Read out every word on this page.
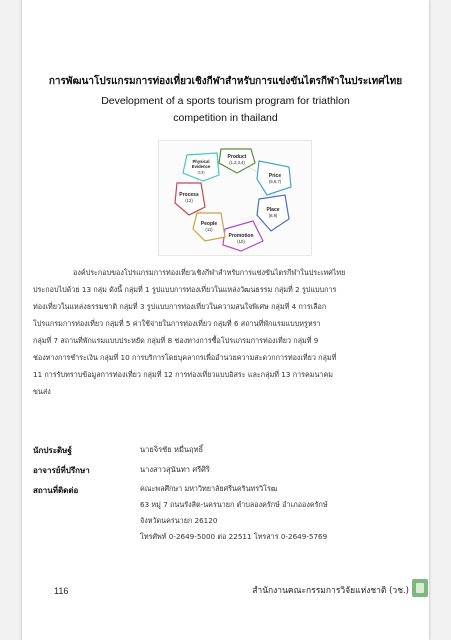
การพัฒนาโปรแกรมการท่องเที่ยวเชิงกีฬาสำหรับการแข่งขันไตรกีฬาในประเทศไทย
Development of a sports tourism program for triathlon
competition in thailand
Product
(1,2,3,4)
Price
(5,6,7)
Place
(8,9)
Promotion
(10)
People
(11)
Process
(12)
Physical
Evidence
(13)
องค์ประกอบของโปรแกรมการท่องเที่ยวเชิงกีฬาสำหรับการแข่งขันไตรกีฬาในประเทศไทย
ประกอบไปด้วย 13 กลุ่ม ดังนี้ กลุ่มที่ 1 รูปแบบการท่องเที่ยวในแหล่งวัฒนธรรม กลุ่มที่ 2 รูปแบบการ
ท่องเที่ยวในแหล่งธรรมชาติ กลุ่มที่ 3 รูปแบบการท่องเที่ยวในความสนใจพิเศษ กลุ่มที่ 4 การเลือก
โปรแกรมการท่องเที่ยว กลุ่มที่ 5 ค่าใช้จ่ายในการท่องเที่ยว กลุ่มที่ 6 สถานที่พักแรมแบบหรูหรา
กลุ่มที่ 7 สถานที่พักแรมแบบประหยัด กลุ่มที่ 8 ช่องทางการซื้อโปรแกรมการท่องเที่ยว กลุ่มที่ 9
ช่องทางการชำระเงิน กลุ่มที่ 10 การบริการโดยบุคลากรเพื่ออำนวยความสะดวกการท่องเที่ยว กลุ่มที่
11 การรับทราบข้อมูลการท่องเที่ยว กลุ่มที่ 12 การท่องเที่ยวแบบอิสระ และกลุ่มที่ 13 การคมนาคม
ขนส่ง
นักประดิษฐ์	นายจิรชัย หมื่นฤทธิ์
อาจารย์ที่ปรึกษา	นางสาวสุนันทา ศรีศิริ
สถานที่ติดต่อ	คณะพลศึกษา มหาวิทยาลัยศรีนครินทรวิโรฒ
63 หมู่ 7 ถนนรังสิต-นครนายก ตำบลองครักษ์ อำเภอองครักษ์
จังหวัดนครนายก 26120
โทรศัพท์ 0-2649-5000 ต่อ 22511 โทรสาร 0-2649-5769
116	สำนักงานคณะกรรมการวิจัยแห่งชาติ (วช.)
